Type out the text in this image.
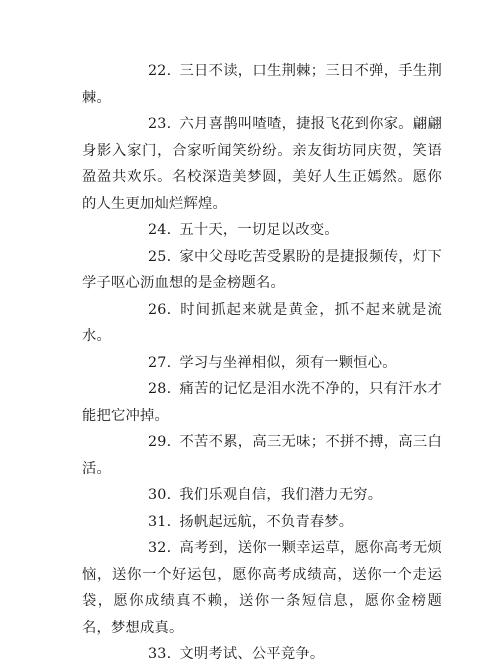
22. 三日不读，口生荆棘；三日不弹，手生荆棘。

23. 六月喜鹊叫喳喳，捷报飞花到你家。翩翩身影入家门，合家听闻笑纷纷。亲友街坊同庆贺，笑语盈盈共欢乐。名校深造美梦圆，美好人生正嫣然。愿你的人生更加灿烂辉煌。

24. 五十天，一切足以改变。

25. 家中父母吃苦受累盼的是捷报频传，灯下学子呕心沥血想的是金榜题名。

26. 时间抓起来就是黄金，抓不起来就是流水。

27. 学习与坐禅相似，须有一颗恒心。

28. 痛苦的记忆是泪水洗不净的，只有汗水才能把它冲掉。

29. 不苦不累，高三无味；不拼不搏，高三白活。

30. 我们乐观自信，我们潜力无穷。

31. 扬帆起远航，不负青春梦。

32. 高考到，送你一颗幸运草，愿你高考无烦恼，送你一个好运包，愿你高考成绩高，送你一个走运袋，愿你成绩真不赖，送你一条短信息，愿你金榜题名，梦想成真。

33. 文明考试、公平竞争。
